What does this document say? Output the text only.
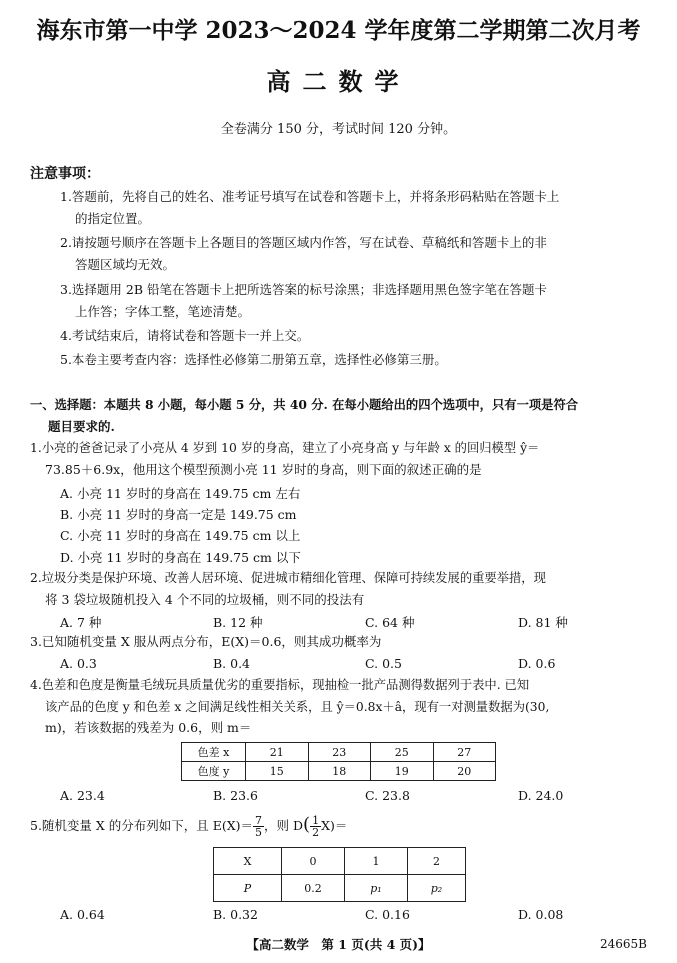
海东市第一中学 2023～2024 学年度第二学期第二次月考
高二数学
全卷满分 150 分，考试时间 120 分钟。
注意事项：
1.答题前，先将自己的姓名、准考证号填写在试卷和答题卡上，并将条形码粘贴在答题卡上
的指定位置。
2.请按题号顺序在答题卡上各题目的答题区域内作答，写在试卷、草稿纸和答题卡上的非
答题区域均无效。
3.选择题用 2B 铅笔在答题卡上把所选答案的标号涂黑；非选择题用黑色签字笔在答题卡
上作答；字体工整，笔迹清楚。
4.考试结束后，请将试卷和答题卡一并上交。
5.本卷主要考查内容：选择性必修第二册第五章，选择性必修第三册。
一、选择题：本题共 8 小题，每小题 5 分，共 40 分. 在每小题给出的四个选项中，只有一项是符合
题目要求的.
1.小亮的爸爸记录了小亮从 4 岁到 10 岁的身高，建立了小亮身高 y 与年龄 x 的回归模型 ŷ＝
73.85＋6.9x，他用这个模型预测小亮 11 岁时的身高，则下面的叙述正确的是
A. 小亮 11 岁时的身高在 149.75 cm 左右
B. 小亮 11 岁时的身高一定是 149.75 cm
C. 小亮 11 岁时的身高在 149.75 cm 以上
D. 小亮 11 岁时的身高在 149.75 cm 以下
2.垃圾分类是保护环境、改善人居环境、促进城市精细化管理、保障可持续发展的重要举措，现
将 3 袋垃圾随机投入 4 个不同的垃圾桶，则不同的投法有
A. 7 种	B. 12 种	C. 64 种	D. 81 种
3.已知随机变量 X 服从两点分布，E(X)＝0.6，则其成功概率为
A. 0.3	B. 0.4	C. 0.5	D. 0.6
4.色差和色度是衡量毛绒玩具质量优劣的重要指标，现抽检一批产品测得数据列于表中. 已知
该产品的色度 y 和色差 x 之间满足线性相关关系，且 ŷ＝0.8x＋â，现有一对测量数据为(30,
m)，若该数据的残差为 0.6，则 m＝
色差 x	21	23	25	27
色度 y	15	18	19	20
A. 23.4	B. 23.6	C. 23.8	D. 24.0
5.随机变量 X 的分布列如下，且 $E(X)= \frac{7}{5}$ ，则 $D( \frac{1}{2} X)=$
X	0	1	2
P	0.2	p₁	p₂
A. 0.64	B. 0.32	C. 0.16	D. 0.08
【高二数学　第 1 页(共 4 页)】	24665B
